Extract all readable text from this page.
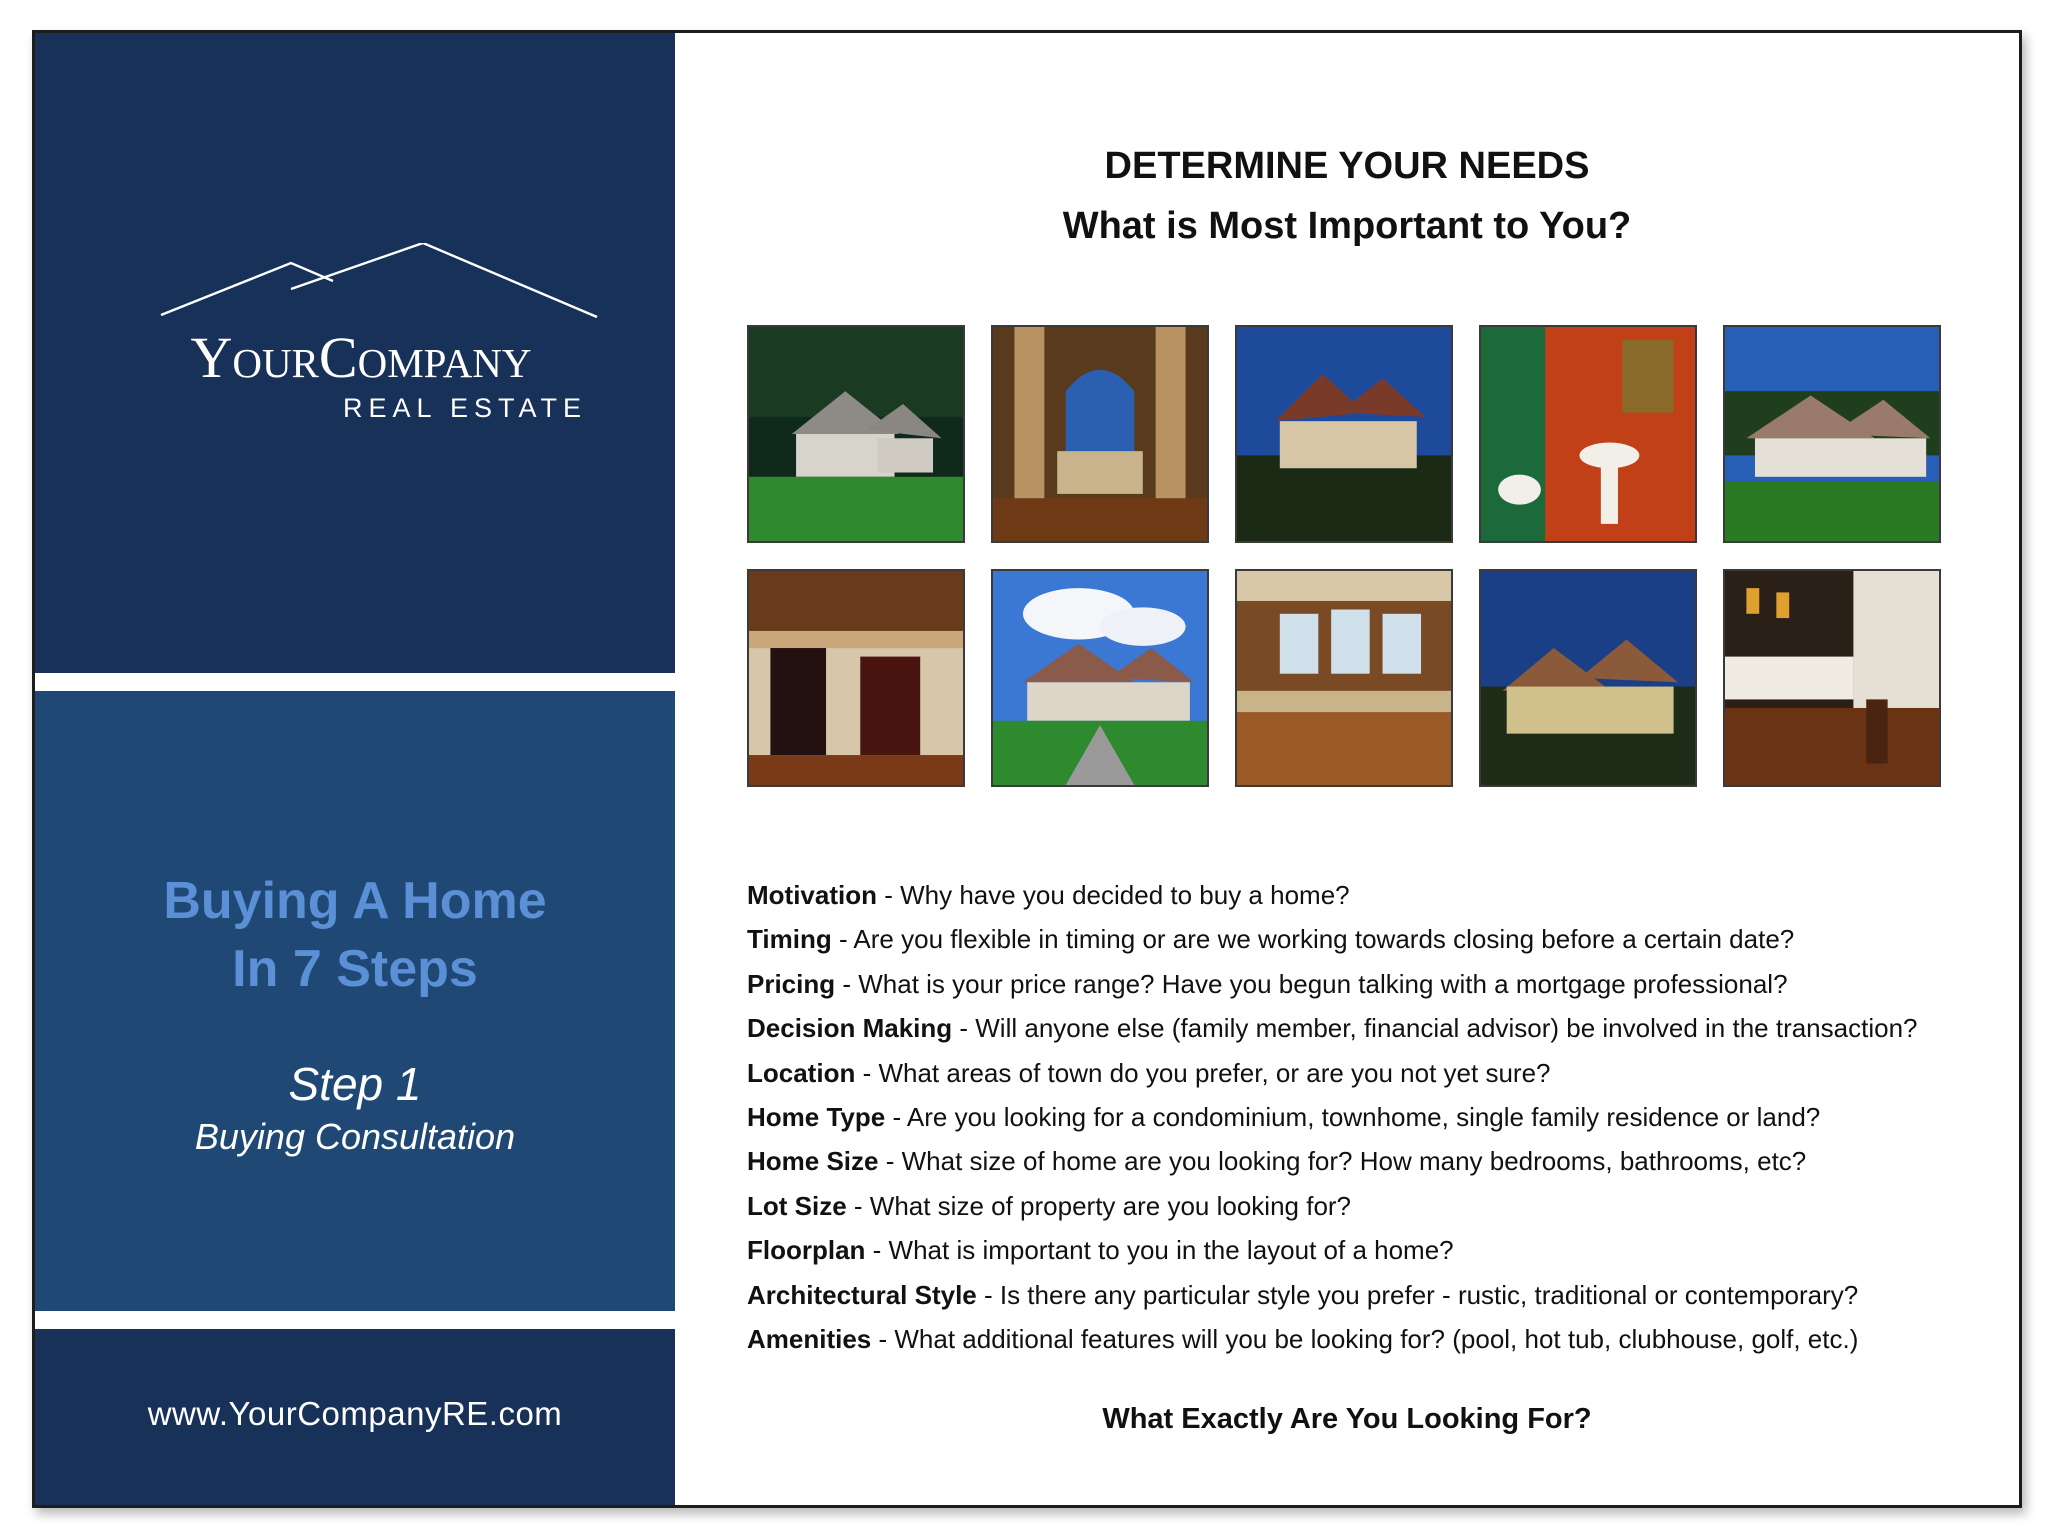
YourCompany
REAL ESTATE
Buying A Home
In 7 Steps
Step 1
Buying Consultation
www.YourCompanyRE.com
DETERMINE YOUR NEEDS
What is Most Important to You?
Motivation - Why have you decided to buy a home?
Timing - Are you flexible in timing or are we working towards closing before a certain date?
Pricing - What is your price range? Have you begun talking with a mortgage professional?
Decision Making - Will anyone else (family member, financial advisor) be involved in the transaction?
Location - What areas of town do you prefer, or are you not yet sure?
Home Type - Are you looking for a condominium, townhome, single family residence or land?
Home Size - What size of home are you looking for? How many bedrooms, bathrooms, etc?
Lot Size - What size of property are you looking for?
Floorplan - What is important to you in the layout of a home?
Architectural Style - Is there any particular style you prefer - rustic, traditional or contemporary?
Amenities - What additional features will you be looking for? (pool, hot tub, clubhouse, golf, etc.)
What Exactly Are You Looking For?
